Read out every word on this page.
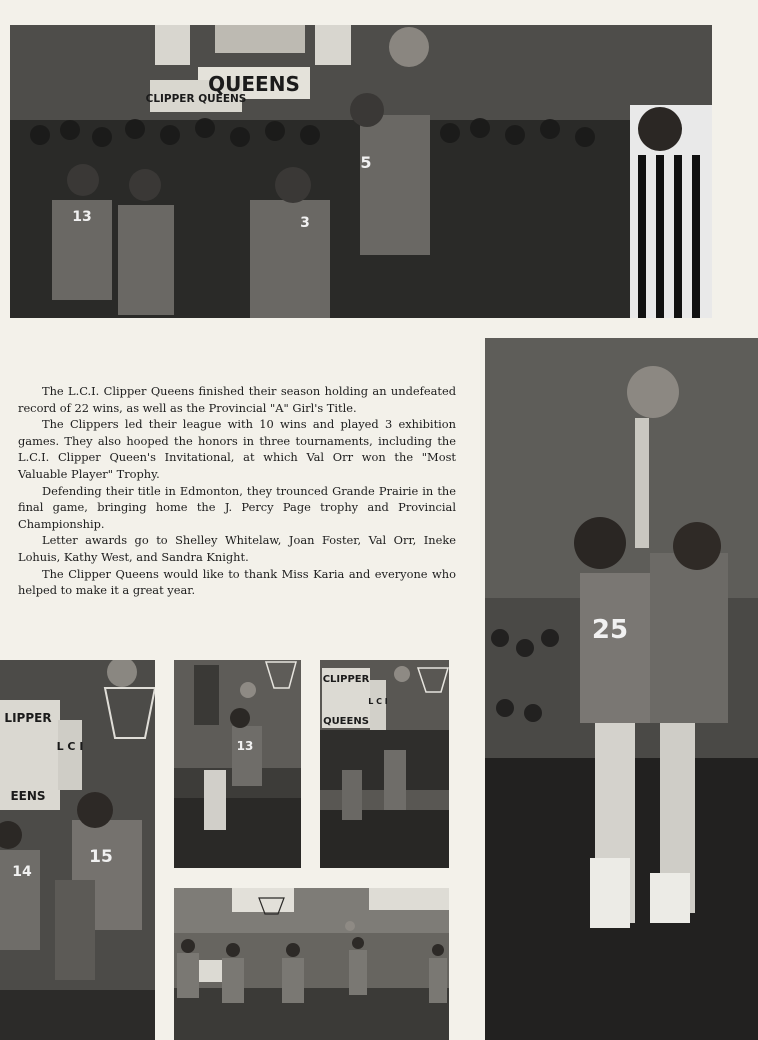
QUEENS
CLIPPER QUEENS
13	3
5

The L.C.I. Clipper Queens finished their season holding an undefeated record of 22 wins, as well as the Provincial "A" Girl's Title.

The Clippers led their league with 10 wins and played 3 exhibition games. They also hooped the honors in three tournaments, including the L.C.I. Clipper Queen's Invitational, at which Val Orr won the "Most Valuable Player" Trophy.

Defending their title in Edmonton, they trounced Grande Prairie in the final game, bringing home the J. Percy Page trophy and Provincial Championship.

Letter awards go to Shelley Whitelaw, Joan Foster, Val Orr, Ineke Lohuis, Kathy West, and Sandra Knight.

The Clipper Queens would like to thank Miss Karia and everyone who helped to make it a great year.

25
LIPPER
EENS
L C I
14
15
13
CLIPPER
QUEENS
L C I
